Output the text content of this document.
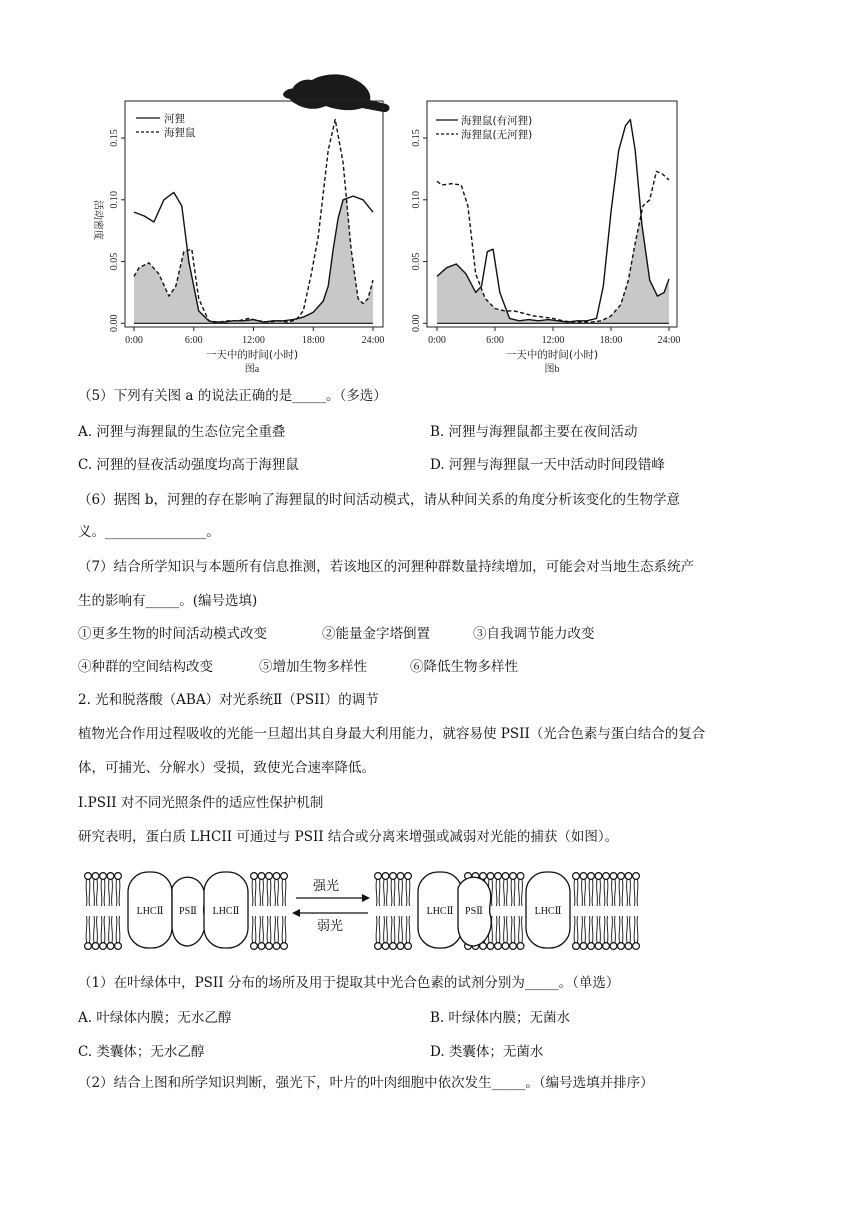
0.00
0.05
0.10
0.15
0:00	6:00	12:00	18:00	24:00
0.00
0.05
0.10
0.15
0:00	6:00	12:00	18:00	24:00
河狸
海狸鼠
海狸鼠(有河狸)
海狸鼠(无河狸)
活动密度
一天中的时间(小时)	一天中的时间(小时)
图a	图b
（5）下列有关图 a 的说法正确的是_____。（多选）
A. 河狸与海狸鼠的生态位完全重叠	B. 河狸与海狸鼠都主要在夜间活动
C. 河狸的昼夜活动强度均高于海狸鼠	D. 河狸与海狸鼠一天中活动时间段错峰
（6）据图 b，河狸的存在影响了海狸鼠的时间活动模式，请从种间关系的角度分析该变化的生物学意
义。_______________。
（7）结合所学知识与本题所有信息推测，若该地区的河狸种群数量持续增加，可能会对当地生态系统产
生的影响有_____。(编号选填)
①更多生物的时间活动模式改变	②能量金字塔倒置	③自我调节能力改变
④种群的空间结构改变	⑤增加生物多样性	⑥降低生物多样性
2. 光和脱落酸（ABA）对光系统Ⅱ（PSII）的调节
植物光合作用过程吸收的光能一旦超出其自身最大利用能力，就容易使 PSII（光合色素与蛋白结合的复合
体，可捕光、分解水）受损，致使光合速率降低。
Ⅰ.PSII 对不同光照条件的适应性保护机制
研究表明，蛋白质 LHCII 可通过与 PSII 结合或分离来增强或减弱对光能的捕获（如图）。
LHCⅡ PSⅡ LHCⅡ
强光
弱光
LHCⅡ PSⅡ	LHCⅡ
（1）在叶绿体中，PSII 分布的场所及用于提取其中光合色素的试剂分别为_____。（单选）
A. 叶绿体内膜；无水乙醇	B. 叶绿体内膜；无菌水
C. 类囊体；无水乙醇	D. 类囊体；无菌水
（2）结合上图和所学知识判断，强光下，叶片的叶肉细胞中依次发生_____。（编号选填并排序）
